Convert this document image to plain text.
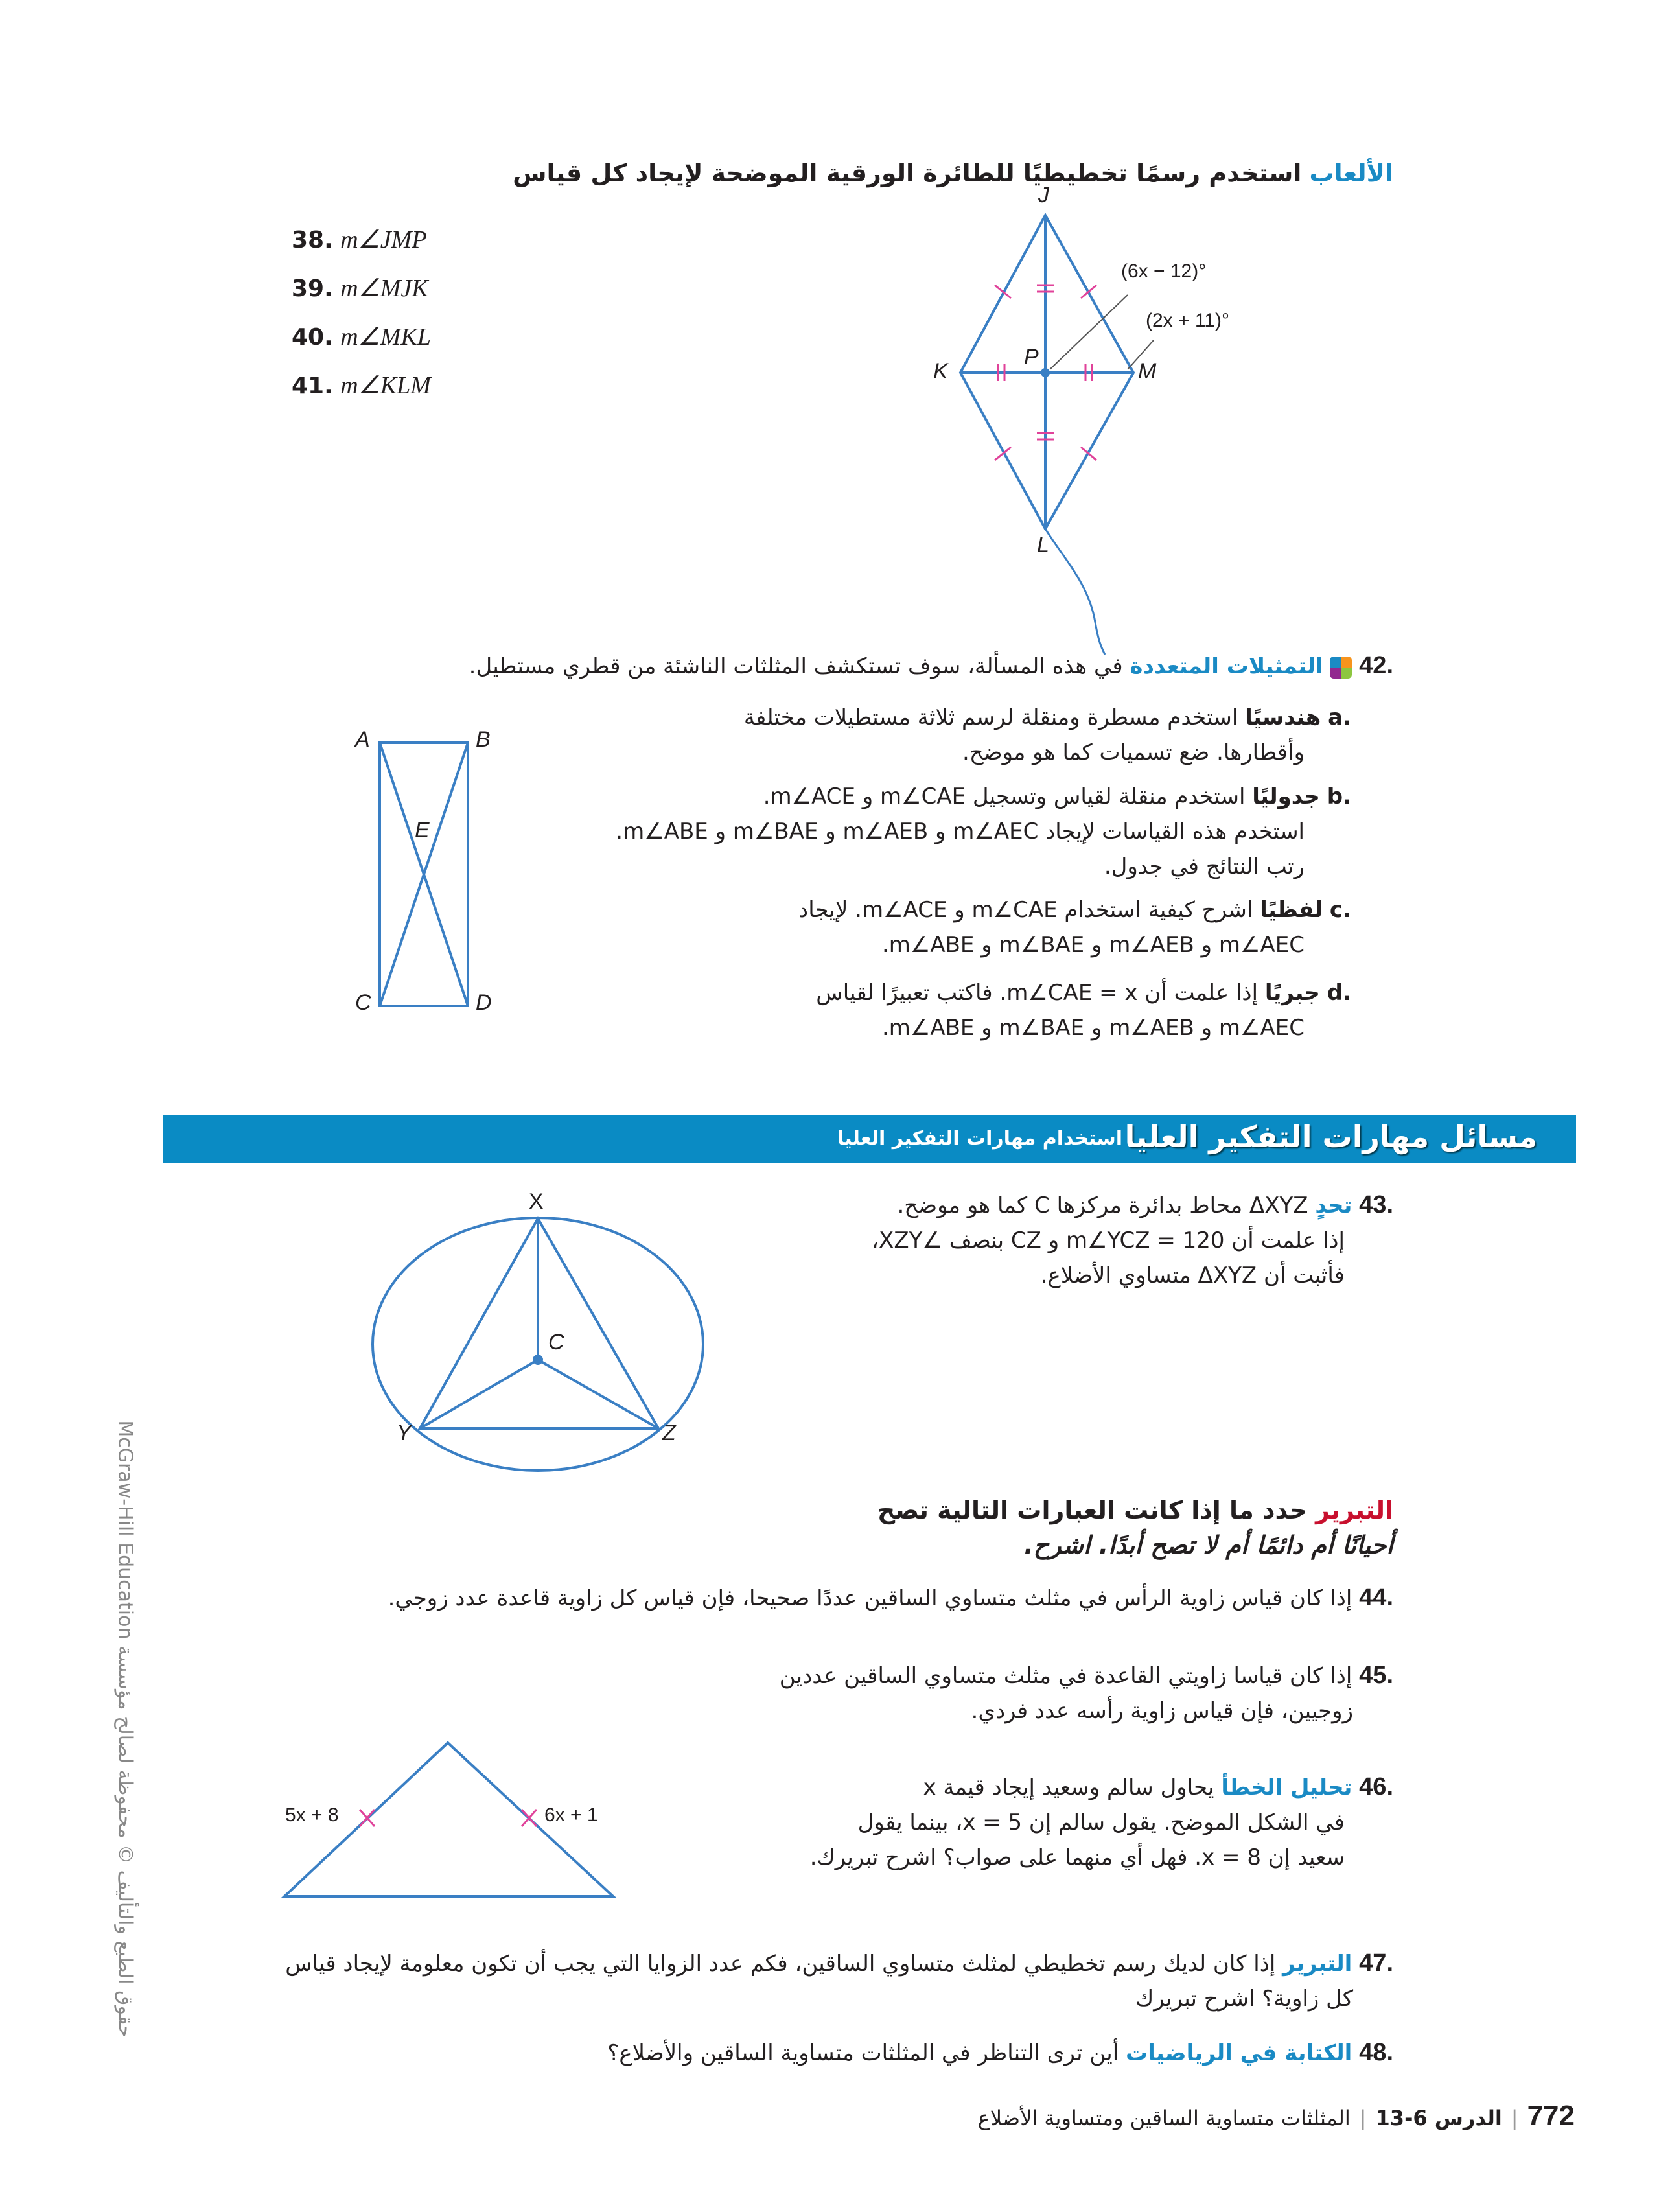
الألعاب استخدم رسمًا تخطيطيًا للطائرة الورقية الموضحة لإيجاد كل قياس
38. m∠JMP
39. m∠MJK
40. m∠MKL
41. m∠KLM
J
K	M
L
P
(6x − 12)°
(2x + 11)°
.42  التمثيلات المتعددة في هذه المسألة، سوف تستكشف المثلثات الناشئة من قطري مستطيل.
.a هندسيًا استخدم مسطرة ومنقلة لرسم ثلاثة مستطيلات مختلفة
وأقطارها. ضع تسميات كما هو موضح.
.b جدوليًا استخدم منقلة لقياس وتسجيل m∠CAE و m∠ACE.
استخدم هذه القياسات لإيجاد m∠AEC و m∠AEB و m∠BAE و m∠ABE.
رتب النتائج في جدول.
.c لفظيًا اشرح كيفية استخدام m∠CAE و m∠ACE. لإيجاد
m∠AEC و m∠AEB و m∠BAE و m∠ABE.
.d جبريًا إذا علمت أن m∠CAE = x. فاكتب تعبيرًا لقياس
m∠AEC و m∠AEB و m∠BAE و m∠ABE.
A	B
C	D
E
مسائل مهارات التفكير العليا
استخدام مهارات التفكير العليا
.43 تحدٍ ΔXYZ محاط بدائرة مركزها C كما هو موضح.
إذا علمت أن m∠YCZ = 120 و CZ بنصف ∠XZY،
فأثبت أن ΔXYZ متساوي الأضلاع.
X
Y	Z
C
التبرير حدد ما إذا كانت العبارات التالية تصح
أحيانًا أم دائمًا أم لا تصح أبدًا. اشرح.
.44 إذا كان قياس زاوية الرأس في مثلث متساوي الساقين عددًا صحيحا، فإن قياس كل زاوية قاعدة عدد زوجي.
.45 إذا كان قياسا زاويتي القاعدة في مثلث متساوي الساقين عددين
زوجيين، فإن قياس زاوية رأسه عدد فردي.
.46 تحليل الخطأ يحاول سالم وسعيد إيجاد قيمة x
في الشكل الموضح. يقول سالم إن x = 5، بينما يقول
سعيد إن x = 8. فهل أي منهما على صواب؟ اشرح تبريرك.
5x + 8	6x + 1
.47 التبرير إذا كان لديك رسم تخطيطي لمثلث متساوي الساقين، فكم عدد الزوايا التي يجب أن تكون معلومة لإيجاد قياس
كل زاوية؟ اشرح تبريرك
.48 الكتابة في الرياضيات أين ترى التناظر في المثلثات متساوية الساقين والأضلاع؟
772|الدرس 6-13|المثلثات متساوية الساقين ومتساوية الأضلاع
حقوق الطبع والتأليف © محفوظة لصالح مؤسسة McGraw-Hill Education
